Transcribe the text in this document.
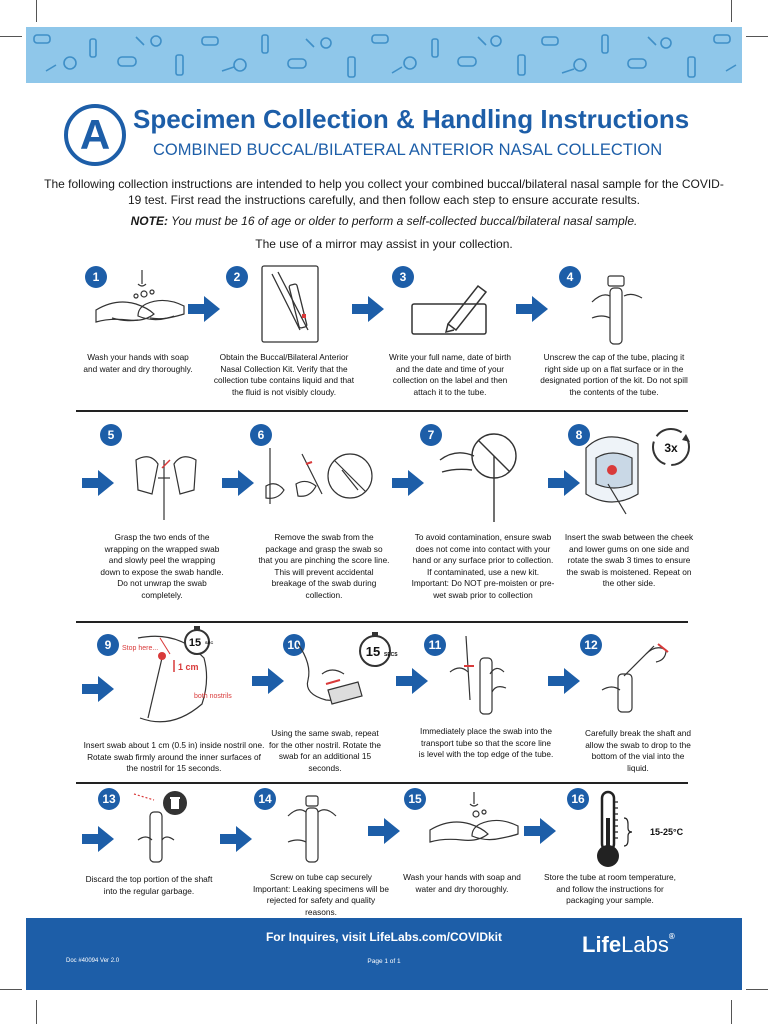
A Specimen Collection & Handling Instructions
COMBINED BUCCAL/BILATERAL ANTERIOR NASAL COLLECTION
The following collection instructions are intended to help you collect your combined buccal/bilateral nasal sample for the COVID-19 test. First read the instructions carefully, and then follow each step to ensure accurate results.
NOTE: You must be 16 of age or older to perform a self-collected buccal/bilateral nasal sample.
The use of a mirror may assist in your collection.
1

Wash your hands with soap and water and dry thoroughly.

2

Obtain the Buccal/Bilateral Anterior Nasal Collection Kit. Verify that the collection tube contains liquid and that the fluid is not visibly cloudy.

3

Write your full name, date of birth and the date and time of your collection on the label and then attach it to the tube.

4

Unscrew the cap of the tube, placing it right side up on a flat surface or in the designated portion of the kit. Do not spill the contents of the tube.

5

Grasp the two ends of the wrapping on the wrapped swab and slowly peel the wrapping down to expose the swab handle. Do not unwrap the swab completely.

6

Remove the swab from the package and grasp the swab so that you are pinching the score line. This will prevent accidental breakage of the swab during collection.

7

To avoid contamination, ensure swab does not come into contact with your hand or any surface prior to collection.

If contaminated, use a new kit.

Important: Do NOT pre-moisten or pre-wet swab prior to collection

8
3x

Insert the swab between the cheek and lower gums on one side and rotate the swab 3 times to ensure the swab is moistened. Repeat on the other side.

9	Stop here...
1 cm
both nostrils
15 SEC

Insert swab about 1 cm (0.5 in) inside nostril one. Rotate swab firmly around the inner surfaces of the nostril for 15 seconds.

10	15 SECS

Using the same swab, repeat for the other nostril. Rotate the swab for an additional 15 seconds.

11

Immediately place the swab into the transport tube so that the score line is level with the top edge of the tube.

12

Carefully break the shaft and allow the swab to drop to the bottom of the vial into the liquid.

13

Discard the top portion of the shaft into the regular garbage.

14

Screw on tube cap securely

Important: Leaking specimens will be rejected for safety and quality reasons.

15

Wash your hands with soap and water and dry thoroughly.

16
15-25°C

Store the tube at room temperature, and follow the instructions for packaging your sample.

For Inquires, visit LifeLabs.com/COVIDkit
Doc #40094 Ver 2.0	Page 1 of 1
LifeLabs®
